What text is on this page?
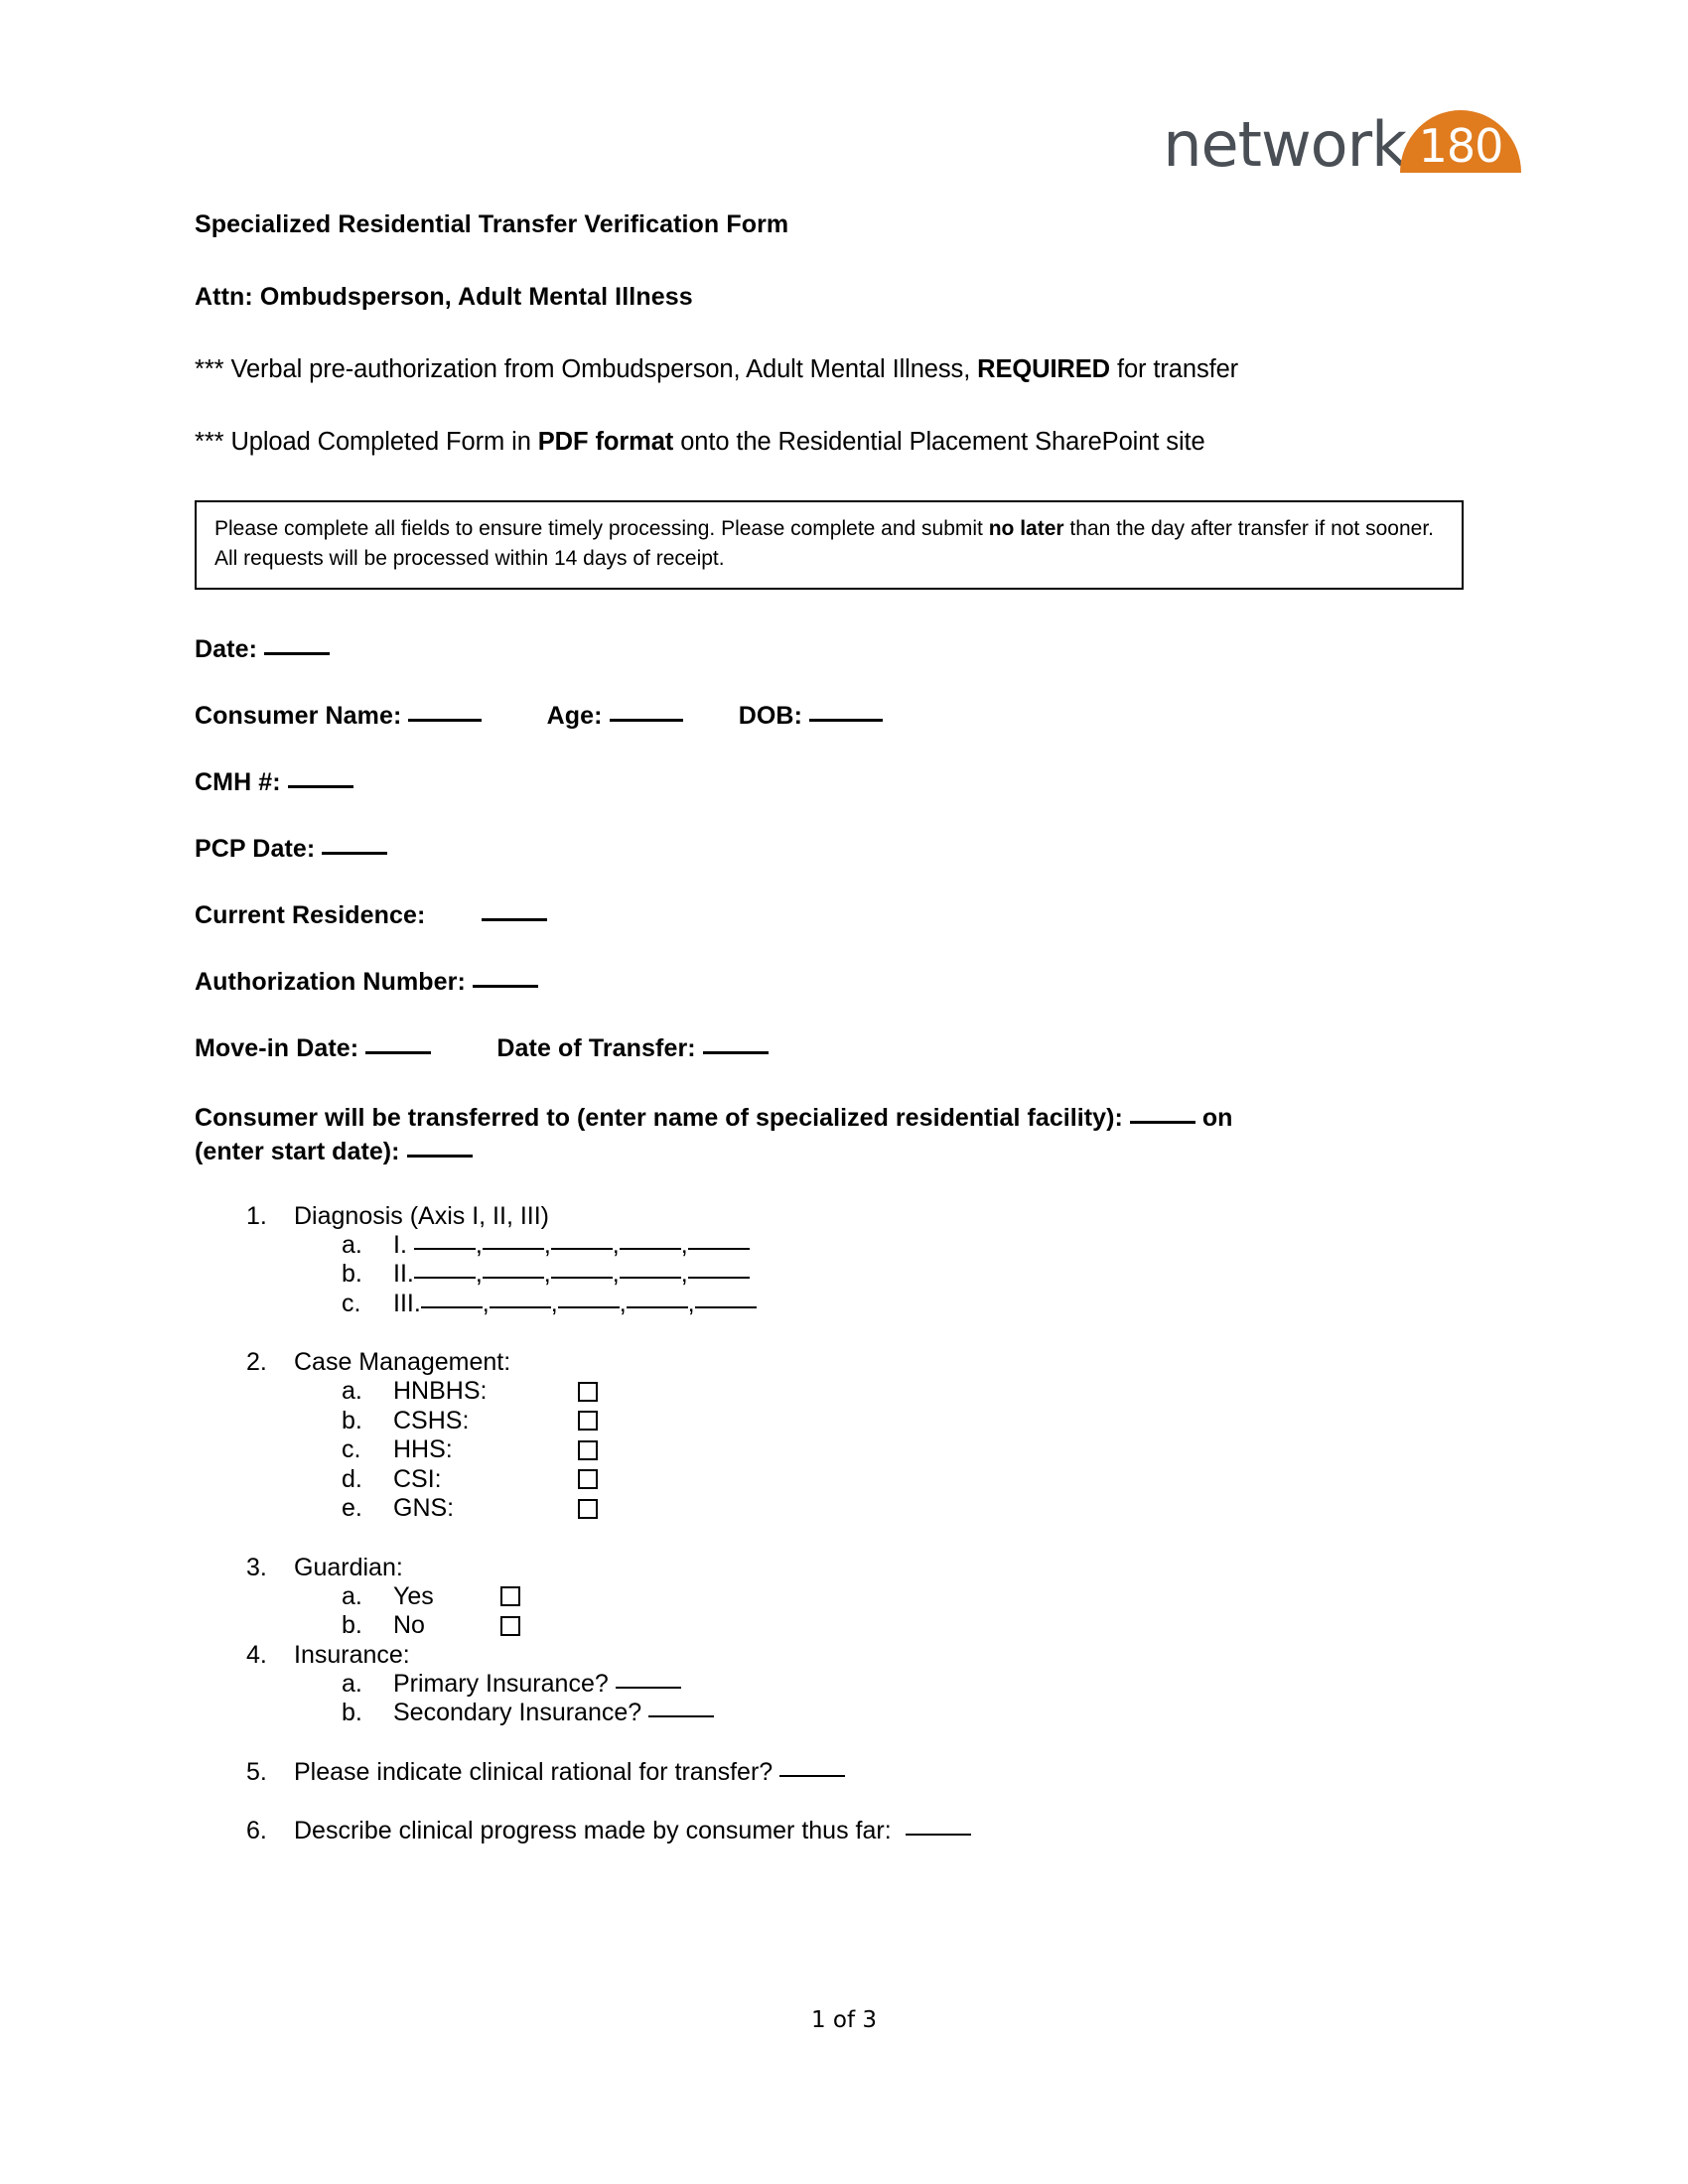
network 180
Specialized Residential Transfer Verification Form
Attn: Ombudsperson, Adult Mental Illness
*** Verbal pre-authorization from Ombudsperson, Adult Mental Illness, REQUIRED for transfer
*** Upload Completed Form in PDF format onto the Residential Placement SharePoint site

Please complete all fields to ensure timely processing. Please complete and submit no later than the day after transfer if not sooner. All requests will be processed within 14 days of receipt.

Date:
Consumer Name:	Age:	DOB:
CMH #:
PCP Date:
Current Residence:
Authorization Number:
Move-in Date:	Date of Transfer:
Consumer will be transferred to (enter name of specialized residential facility):	on
(enter start date):
1.	Diagnosis (Axis I, II, III)
a.	I.	, , , ,
b.	II. , , , ,
c.	III. , , , ,
2.	Case Management:
a.	HNBHS:
b.	CSHS:
c.	HHS:
d.	CSI:
e.	GNS:
3.	Guardian:
a.	Yes
b.	No
4.	Insurance:
a.	Primary Insurance?
b.	Secondary Insurance?
5.	Please indicate clinical rational for transfer?
6.	Describe clinical progress made by consumer thus far:
1 of 3
